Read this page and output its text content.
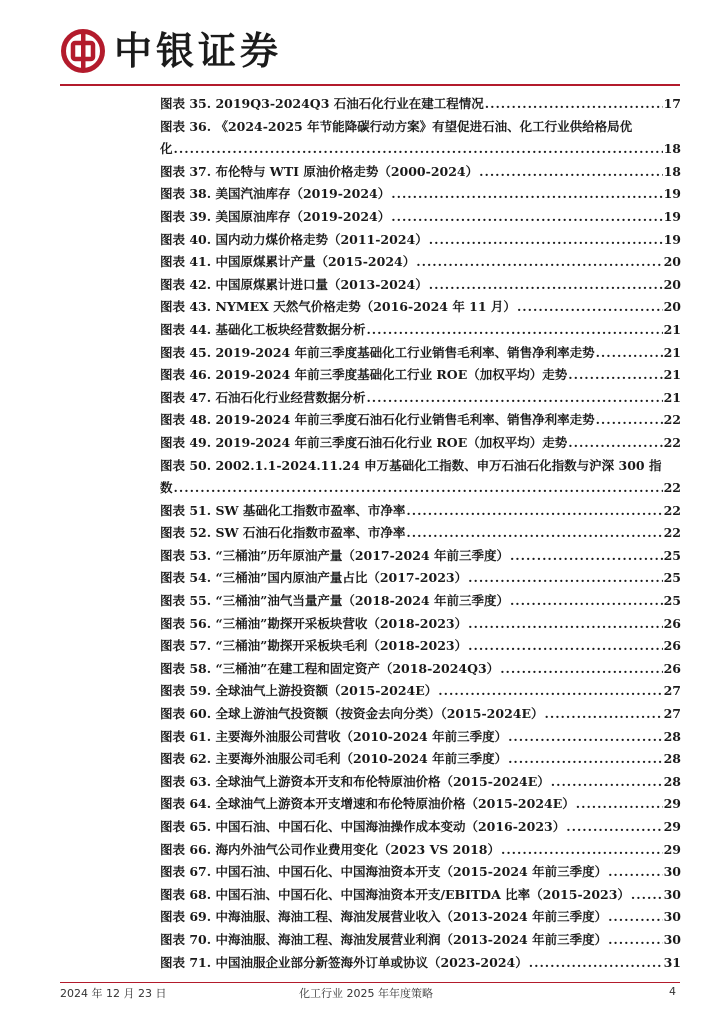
中银证券
图表 35. 2019Q3-2024Q3 石油石化行业在建工程情况 .....	17
图表 36. 《2024-2025 年节能降碳行动方案》有望促进石油、化工行业供给格局优
化 .....	18
图表 37. 布伦特与 WTI 原油价格走势（2000-2024） .....	18
图表 38. 美国汽油库存（2019-2024） .....	19
图表 39. 美国原油库存（2019-2024） .....	19
图表 40. 国内动力煤价格走势（2011-2024） .....	19
图表 41. 中国原煤累计产量（2015-2024） .....	20
图表 42. 中国原煤累计进口量（2013-2024） .....	20
图表 43. NYMEX 天然气价格走势（2016-2024 年 11 月） .....	20
图表 44. 基础化工板块经营数据分析 .....	21
图表 45. 2019-2024 年前三季度基础化工行业销售毛利率、销售净利率走势 .....	21
图表 46. 2019-2024 年前三季度基础化工行业 ROE（加权平均）走势 .....	21
图表 47. 石油石化行业经营数据分析 .....	21
图表 48. 2019-2024 年前三季度石油石化行业销售毛利率、销售净利率走势 .....	22
图表 49. 2019-2024 年前三季度石油石化行业 ROE（加权平均）走势 .....	22
图表 50. 2002.1.1-2024.11.24 申万基础化工指数、申万石油石化指数与沪深 300 指
数 .....	22
图表 51. SW 基础化工指数市盈率、市净率 .....	22
图表 52. SW 石油石化指数市盈率、市净率 .....	22
图表 53. “三桶油”历年原油产量（2017-2024 年前三季度） .....	25
图表 54. “三桶油”国内原油产量占比（2017-2023） .....	25
图表 55. “三桶油”油气当量产量（2018-2024 年前三季度） .....	25
图表 56. “三桶油”勘探开采板块营收（2018-2023） .....	26
图表 57. “三桶油”勘探开采板块毛利（2018-2023） .....	26
图表 58. “三桶油”在建工程和固定资产（2018-2024Q3） .....	26
图表 59. 全球油气上游投资额（2015-2024E） .....	27
图表 60. 全球上游油气投资额（按资金去向分类）（2015-2024E） .....	27
图表 61. 主要海外油服公司营收（2010-2024 年前三季度） .....	28
图表 62. 主要海外油服公司毛利（2010-2024 年前三季度） .....	28
图表 63. 全球油气上游资本开支和布伦特原油价格（2015-2024E） .....	28
图表 64. 全球油气上游资本开支增速和布伦特原油价格（2015-2024E） .....	29
图表 65. 中国石油、中国石化、中国海油操作成本变动（2016-2023） .....	29
图表 66. 海内外油气公司作业费用变化（2023 VS 2018） .....	29
图表 67. 中国石油、中国石化、中国海油资本开支（2015-2024 年前三季度） .....	30
图表 68. 中国石油、中国石化、中国海油资本开支/EBITDA 比率（2015-2023） .....	30
图表 69. 中海油服、海油工程、海油发展营业收入（2013-2024 年前三季度） .....	30
图表 70. 中海油服、海油工程、海油发展营业利润（2013-2024 年前三季度） .....	30
图表 71. 中国油服企业部分新签海外订单或协议（2023-2024） .....	31
2024 年 12 月 23 日	化工行业 2025 年年度策略	4
